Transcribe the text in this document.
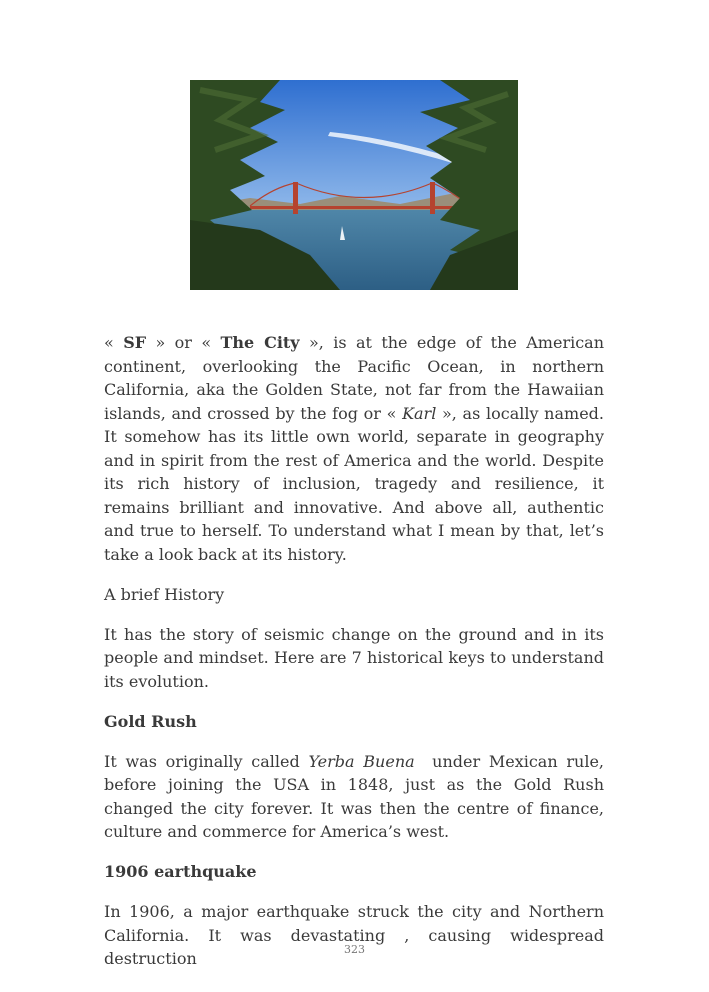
« SF » or « The City », is at the edge of the American continent, overlooking the Pacific Ocean, in northern California, aka the Golden State, not far from the Hawaiian islands, and crossed by the fog or « Karl », as locally named. It somehow has its little own world, separate in geography and in spirit from the rest of America and the world. Despite its rich history of inclusion, tragedy and resilience, it remains brilliant and innovative. And above all, authentic and true to herself. To understand what I mean by that, let’s take a look back at its history.

A brief History

It has the story of seismic change on the ground and in its people and mindset. Here are 7 historical keys to understand its evolution.

Gold Rush

It was originally called Yerba Buena  under Mexican rule, before joining the USA in 1848, just as the Gold Rush changed the city forever. It was then the centre of finance, culture and commerce for America’s west.

1906 earthquake

In 1906, a major earthquake struck the city and Northern California. It was devastating , causing widespread destruction	323
